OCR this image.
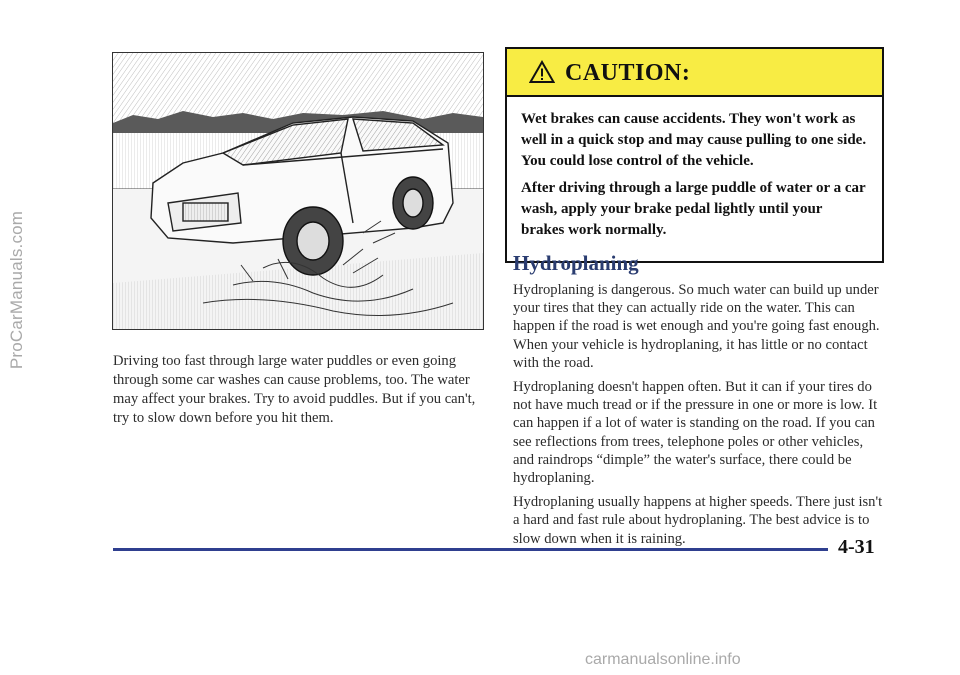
ProCarManuals.com	Driving too fast through large water puddles or even going through some car washes can cause problems, too. The water may affect your brakes. Try to avoid puddles. But if you can't, try to slow down before you hit them.
CAUTION:

Wet brakes can cause accidents. They won't work as well in a quick stop and may cause pulling to one side. You could lose control of the vehicle.

After driving through a large puddle of water or a car wash, apply your brake pedal lightly until your brakes work normally.

Hydroplaning

Hydroplaning is dangerous. So much water can build up under your tires that they can actually ride on the water. This can happen if the road is wet enough and you're going fast enough. When your vehicle is hydroplaning, it has little or no contact with the road.

Hydroplaning doesn't happen often. But it can if your tires do not have much tread or if the pressure in one or more is low. It can happen if a lot of water is standing on the road. If you can see reflections from trees, telephone poles or other vehicles, and raindrops “dimple” the water's surface, there could be hydroplaning.

Hydroplaning usually happens at higher speeds. There just isn't a hard and fast rule about hydroplaning. The best advice is to slow down when it is raining.	4-31
carmanualsonline.info
